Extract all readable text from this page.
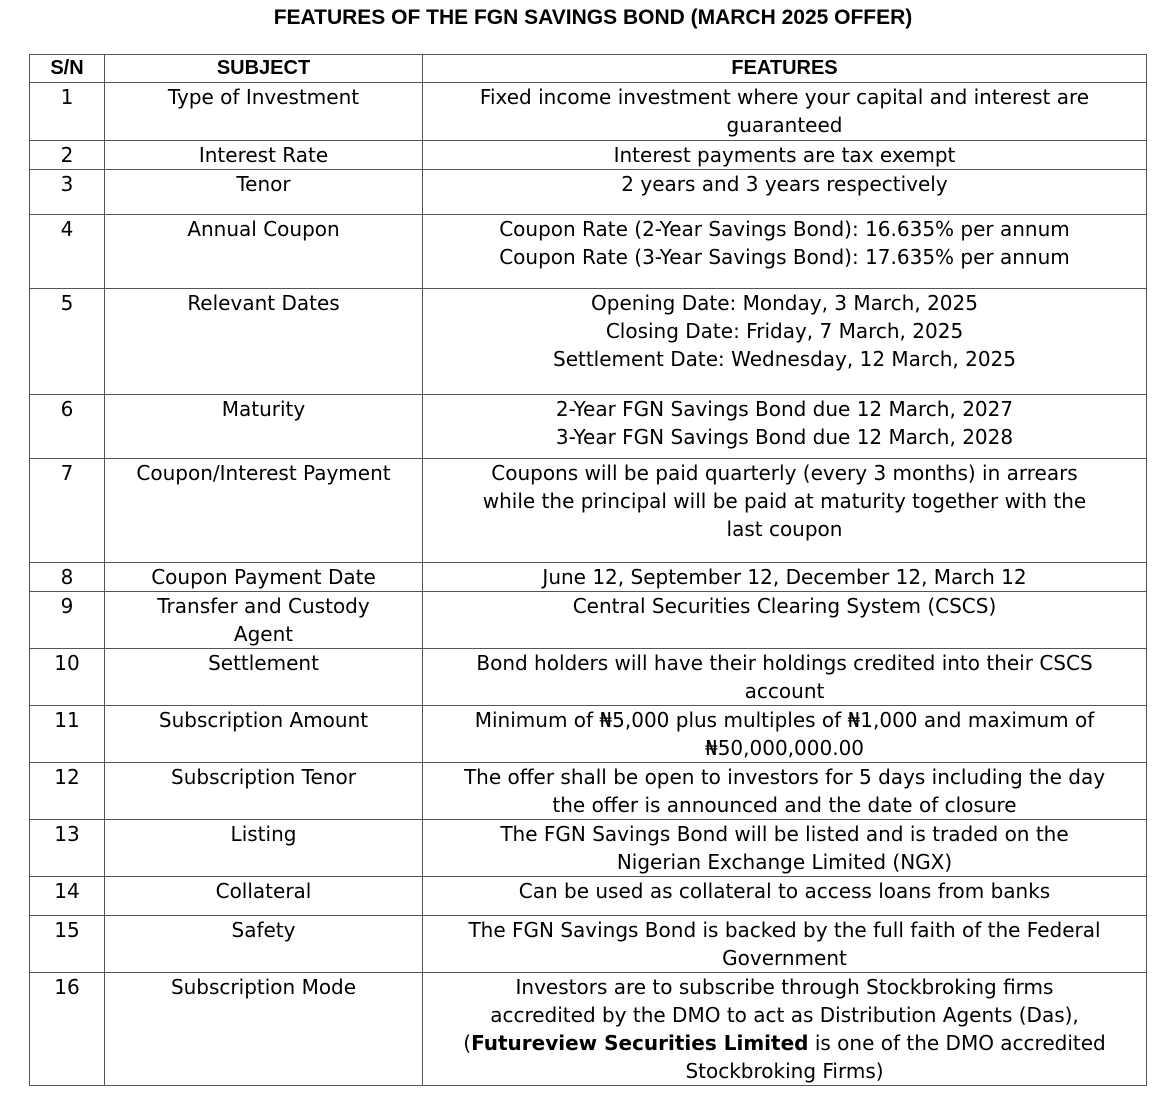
FEATURES OF THE FGN SAVINGS BOND (MARCH 2025 OFFER)
S/N	SUBJECT	FEATURES
1	Type of Investment	Fixed income investment where your capital and interest are
guaranteed

2	Interest Rate	Interest payments are tax exempt

3	Tenor	2 years and 3 years respectively

4	Annual Coupon	Coupon Rate (2-Year Savings Bond): 16.635% per annum
Coupon Rate (3-Year Savings Bond): 17.635% per annum

5	Relevant Dates	Opening Date: Monday, 3 March, 2025
Closing Date: Friday, 7 March, 2025
Settlement Date: Wednesday, 12 March, 2025

6	Maturity	2-Year FGN Savings Bond due 12 March, 2027
3-Year FGN Savings Bond due 12 March, 2028

7	Coupon/Interest Payment	Coupons will be paid quarterly (every 3 months) in arrears
while the principal will be paid at maturity together with the
last coupon

8	Coupon Payment Date	June 12, September 12, December 12, March 12

9	Transfer and Custody
Agent	Central Securities Clearing System (CSCS)

10	Settlement	Bond holders will have their holdings credited into their CSCS
account

11	Subscription Amount	Minimum of ₦5,000 plus multiples of ₦1,000 and maximum of
₦50,000,000.00

12	Subscription Tenor	The offer shall be open to investors for 5 days including the day
the offer is announced and the date of closure

13	Listing	The FGN Savings Bond will be listed and is traded on the
Nigerian Exchange Limited (NGX)

14	Collateral	Can be used as collateral to access loans from banks

15	Safety	The FGN Savings Bond is backed by the full faith of the Federal
Government

16	Subscription Mode	Investors are to subscribe through Stockbroking firms
accredited by the DMO to act as Distribution Agents (Das),
(Futureview Securities Limited is one of the DMO accredited
Stockbroking Firms)
